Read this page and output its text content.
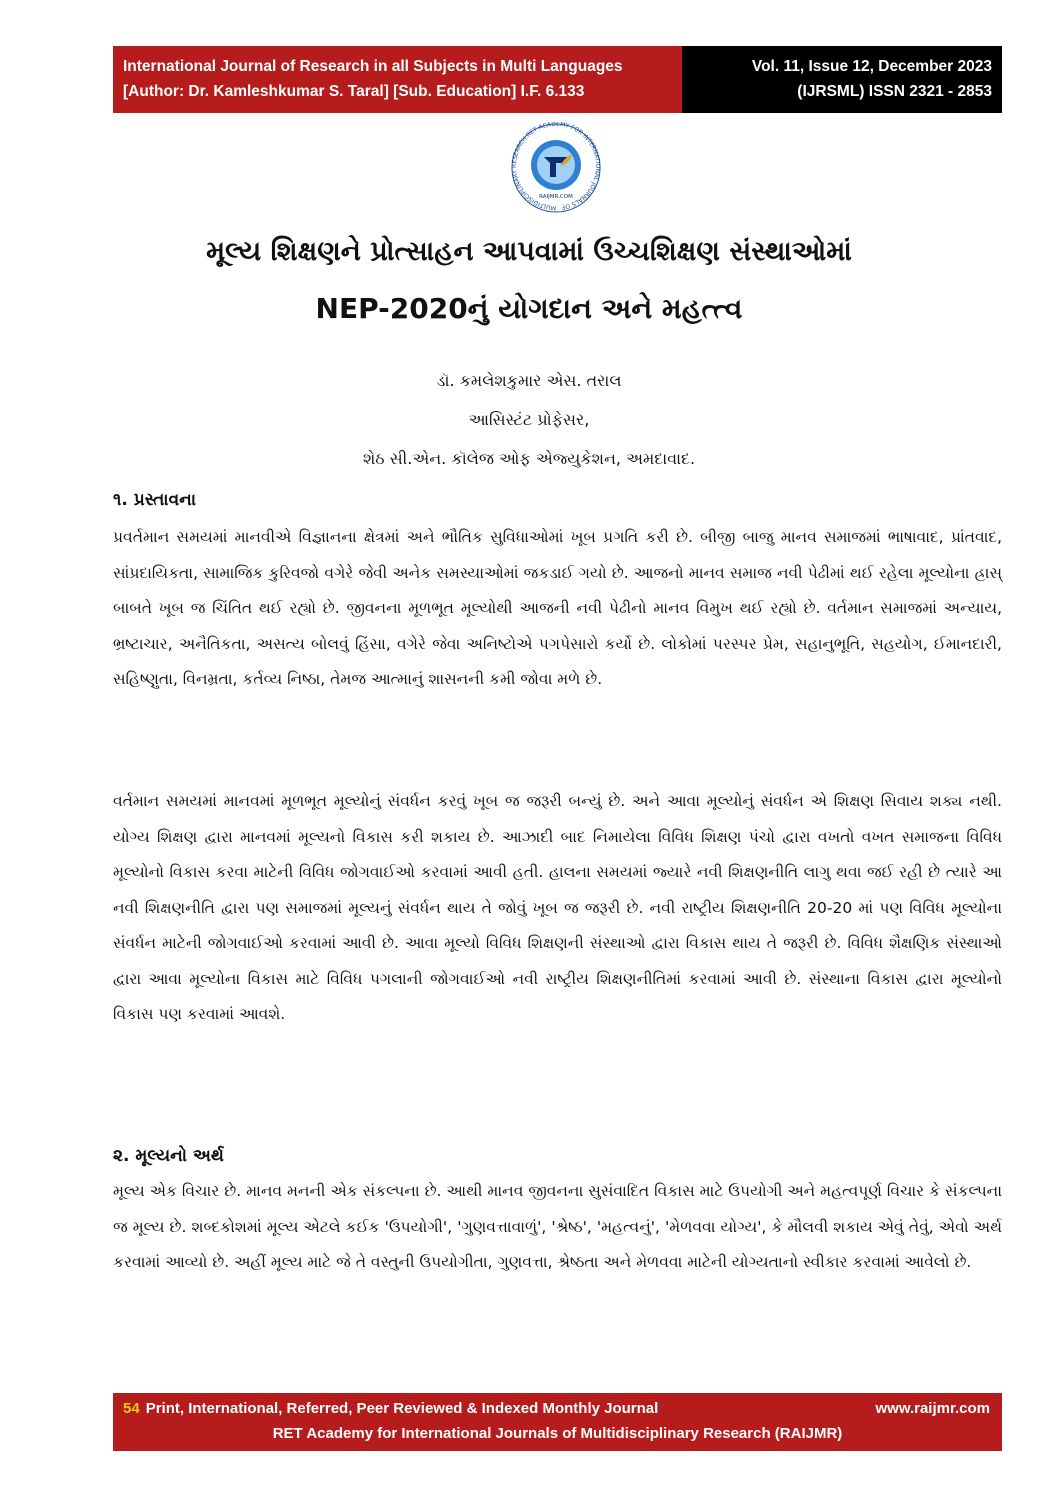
International Journal of Research in all Subjects in Multi Languages
[Author: Dr. Kamleshkumar S. Taral] [Sub. Education] I.F. 6.133
Vol. 11, Issue 12, December 2023
(IJRSML) ISSN 2321 - 2853
MULTIDISCIPLINARY RESEARCH RET ACADEMY FOR INTERNATIONAL JOURNALS OF
RAIJMR.COM
મૂલ્ય શિક્ષણને પ્રોત્સાહન આપવામાં ઉચ્ચશિક્ષણ સંસ્થાઓમાં
NEP-2020નું યોગદાન અને મહત્ત્વ
ડૉ. કમલેશકુમાર એસ. તરાલ
આસિસ્ટંટ પ્રોફેસર,
શેઠ સી.એન. કૉલેજ ઓફ એજ્યુકેશન, અમદાવાદ.
૧. પ્રસ્તાવના
પ્રવર્તમાન સમયમાં માનવીએ વિજ્ઞાનના ક્ષેત્રમાં અને ભૌતિક સુવિધાઓમાં ખૂબ પ્રગતિ કરી છે. બીજી બાજુ માનવ સમાજમાં ભાષાવાદ, પ્રાંતવાદ, સાંપ્રદાયિકતા, સામાજિક કુરિવજો વગેરે જેવી અનેક સમસ્યાઓમાં જકડાઈ ગયો છે. આજનો માનવ સમાજ નવી પેઢીમાં થઈ રહેલા મૂલ્યોના હ્રાસ્ બાબતે ખૂબ જ ચિંતિત થઈ રહ્યો છે. જીવનના મૂળભૂત મૂલ્યોથી આજની નવી પેઢીનો માનવ વિમુખ થઈ રહ્યો છે. વર્તમાન સમાજમાં અન્યાય, ભ્રષ્ટાચાર, અનૈતિકતા, અસત્ય બોલવું હિંસા, વગેરે જેવા અનિષ્ટોએ પગપેસારો કર્યો છે. લોકોમાં પરસ્પર પ્રેમ, સહાનુભૂતિ, સહયોગ, ઈમાનદારી, સહિષ્ણુતા, વિનમ્રતા, કર્તવ્ય નિષ્ઠા, તેમજ આત્માનું શાસનની કમી જોવા મળે છે.
વર્તમાન સમયમાં માનવમાં મૂળભૂત મૂલ્યોનું સંવર્ધન કરવું ખૂબ જ જરૂરી બન્યું છે. અને આવા મૂલ્યોનું સંવર્ધન એ શિક્ષણ સિવાય શક્ય નથી. યોગ્ય શિક્ષણ દ્વારા માનવમાં મૂલ્યનો વિકાસ કરી શકાય છે. આઝાદી બાદ નિમાયેલા વિવિધ શિક્ષણ પંચો દ્વારા વખતો વખત સમાજના વિવિધ મૂલ્યોનો વિકાસ કરવા માટેની વિવિધ જોગવાઈઓ કરવામાં આવી હતી. હાલના સમયમાં જ્યારે નવી શિક્ષણનીતિ લાગુ થવા જઈ રહી છે ત્યારે આ નવી શિક્ષણનીતિ દ્વારા પણ સમાજમાં મૂલ્યનું સંવર્ધન થાય તે જોવું ખૂબ જ જરૂરી છે. નવી રાષ્ટ્રીય શિક્ષણનીતિ 20-20 માં પણ વિવિધ મૂલ્યોના સંવર્ધન માટેની જોગવાઈઓ કરવામાં આવી છે. આવા મૂલ્યો વિવિધ શિક્ષણની સંસ્થાઓ દ્વારા વિકાસ થાય તે જરૂરી છે. વિવિધ શૈક્ષણિક સંસ્થાઓ દ્વારા આવા મૂલ્યોના વિકાસ માટે વિવિધ પગલાની જોગવાઈઓ નવી રાષ્ટ્રીય શિક્ષણનીતિમાં કરવામાં આવી છે. સંસ્થાના વિકાસ દ્વારા મૂલ્યોનો વિકાસ પણ કરવામાં આવશે.
૨. મૂલ્યનો અર્થ
મૂલ્ય એક વિચાર છે. માનવ મનની એક સંકલ્પના છે. આથી માનવ જીવનના સુસંવાદિત વિકાસ માટે ઉપયોગી અને મહત્વપૂર્ણ વિચાર કે સંકલ્પના જ મૂલ્ય છે. શબ્દકોશમાં મૂલ્ય એટલે કઈક 'ઉપયોગી', 'ગુણવત્તાવાળું', 'શ્રેષ્ઠ', 'મહત્વનું', 'મેળવવા યોગ્ય', કે મૌલવી શકાય એવું તેવું, એવો અર્થ કરવામાં આવ્યો છે. અહીં મૂલ્ય માટે જે તે વસ્તુની ઉપયોગીતા, ગુણવત્તા, શ્રેષ્ઠતા અને મેળવવા માટેની યોગ્યતાનો સ્વીકાર કરવામાં આવેલો છે.
54 Print, International, Referred, Peer Reviewed & Indexed Monthly Journal	www.raijmr.com
RET Academy for International Journals of Multidisciplinary Research (RAIJMR)
